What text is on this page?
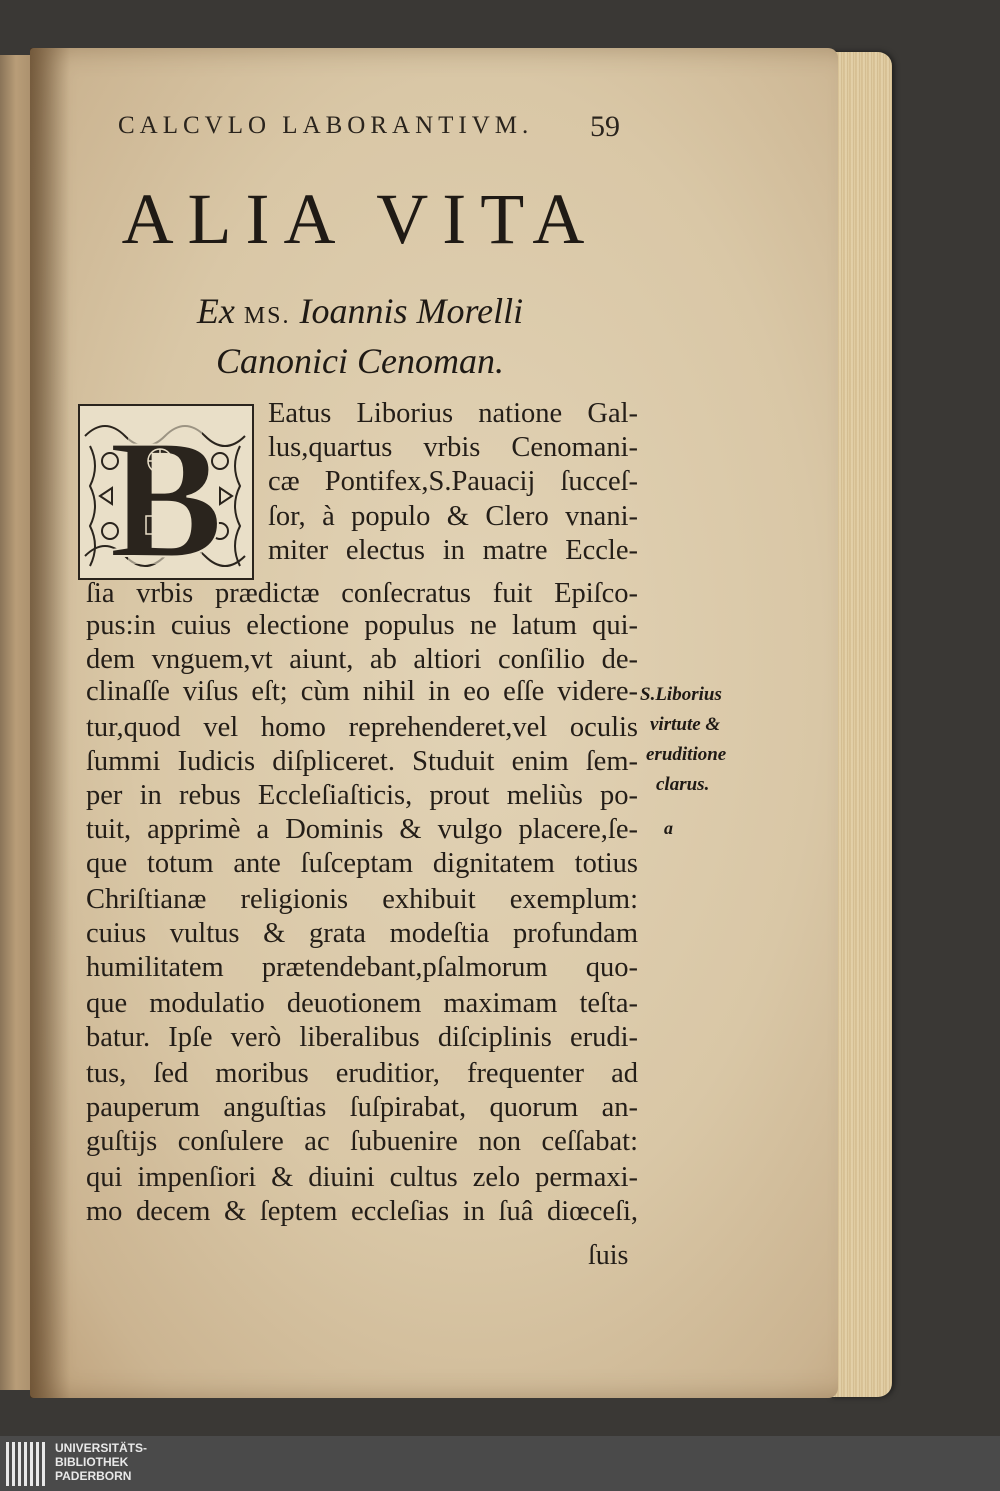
CALCVLO LABORANTIVM.	59
ALIA VITA
Ex MS. Ioannis Morelli
Canonici Cenoman.
B Eatus Liborius natione Gal-
lus,quartus vrbis Cenomani-
cæ Pontifex,S.Pauacij ſucceſ-
ſor, à populo & Clero vnani-
miter electus in matre Eccle-
ſia vrbis prædictæ conſecratus fuit Epiſco-
pus:in cuius electione populus ne latum qui-
dem vnguem,vt aiunt, ab altiori conſilio de-
clinaſſe viſus eſt; cùm nihil in eo eſſe videre-
tur,quod vel homo reprehenderet,vel oculis
ſummi Iudicis diſpliceret. Studuit enim ſem-
per in rebus Eccleſiaſticis, prout meliùs po-
tuit, apprimè a Dominis & vulgo placere,ſe-
que totum ante ſuſceptam dignitatem totius
Chriſtianæ religionis exhibuit exemplum:
cuius vultus & grata modeſtia profundam
humilitatem prætendebant,pſalmorum quo-
que modulatio deuotionem maximam teſta-
batur. Ipſe verò liberalibus diſciplinis erudi-
tus, ſed moribus eruditior, frequenter ad
pauperum anguſtias ſuſpirabat, quorum an-
guſtijs conſulere ac ſubuenire non ceſſabat:
qui impenſiori & diuini cultus zelo permaxi-
mo decem & ſeptem eccleſias in ſuâ diœceſi,
ſuis
S.Liborius
virtute &
eruditione
clarus.
a
UNIVERSITÄTS-
BIBLIOTHEK
PADERBORN
